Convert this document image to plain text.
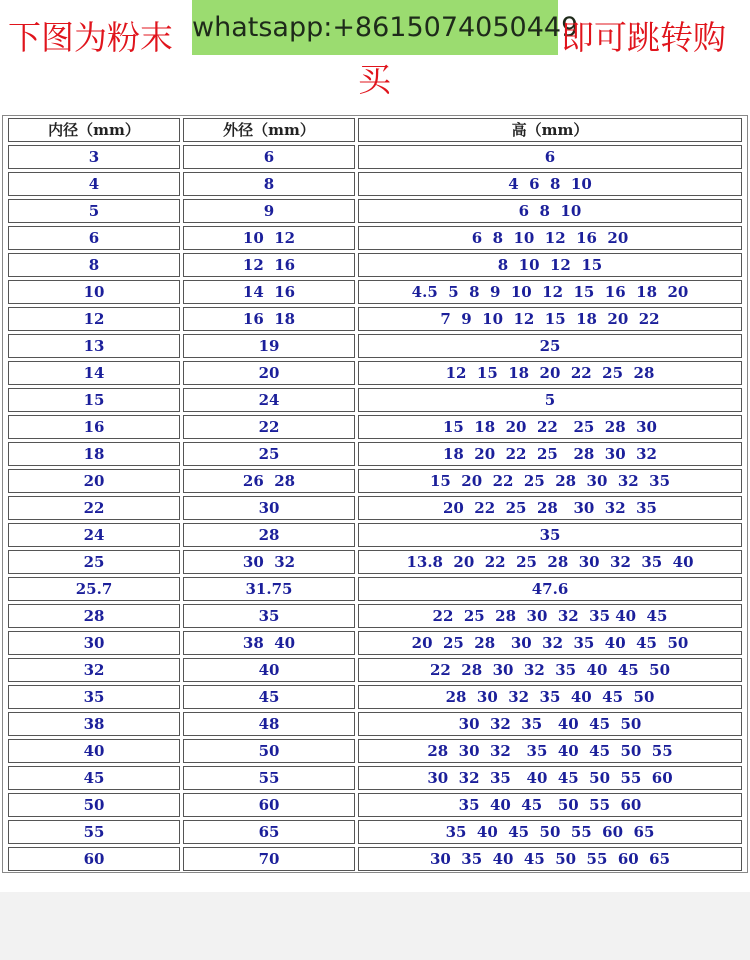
下图为粉末 whatsapp:+8615074050449
即可跳转购
买
内径（mm）	外径（mm）	高（mm）
3	6	6
4	8	4  6  8  10
5	9	6  8  10
6	10  12	6  8  10  12  16  20
8	12  16	8  10  12  15
10	14  16	4.5  5  8  9  10  12  15  16  18  20
12	16  18	7  9  10  12  15  18  20  22
13	19	25
14	20	12  15  18  20  22  25  28
15	24	5
16	22	15  18  20  22   25  28  30
18	25	18  20  22  25   28  30  32
20	26  28	15  20  22  25  28  30  32  35
22	30	20  22  25  28   30  32  35
24	28	35
25	30  32	13.8  20  22  25  28  30  32  35  40
25.7	31.75	47.6
28	35	22  25  28  30  32  35 40  45
30	38  40	20  25  28   30  32  35  40  45  50
32	40	22  28  30  32  35  40  45  50
35	45	28  30  32  35  40  45  50
38	48	30  32  35   40  45  50
40	50	28  30  32   35  40  45  50  55
45	55	30  32  35   40  45  50  55  60
50	60	35  40  45   50  55  60
55	65	35  40  45  50  55  60  65
60	70	30  35  40  45  50  55  60  65
